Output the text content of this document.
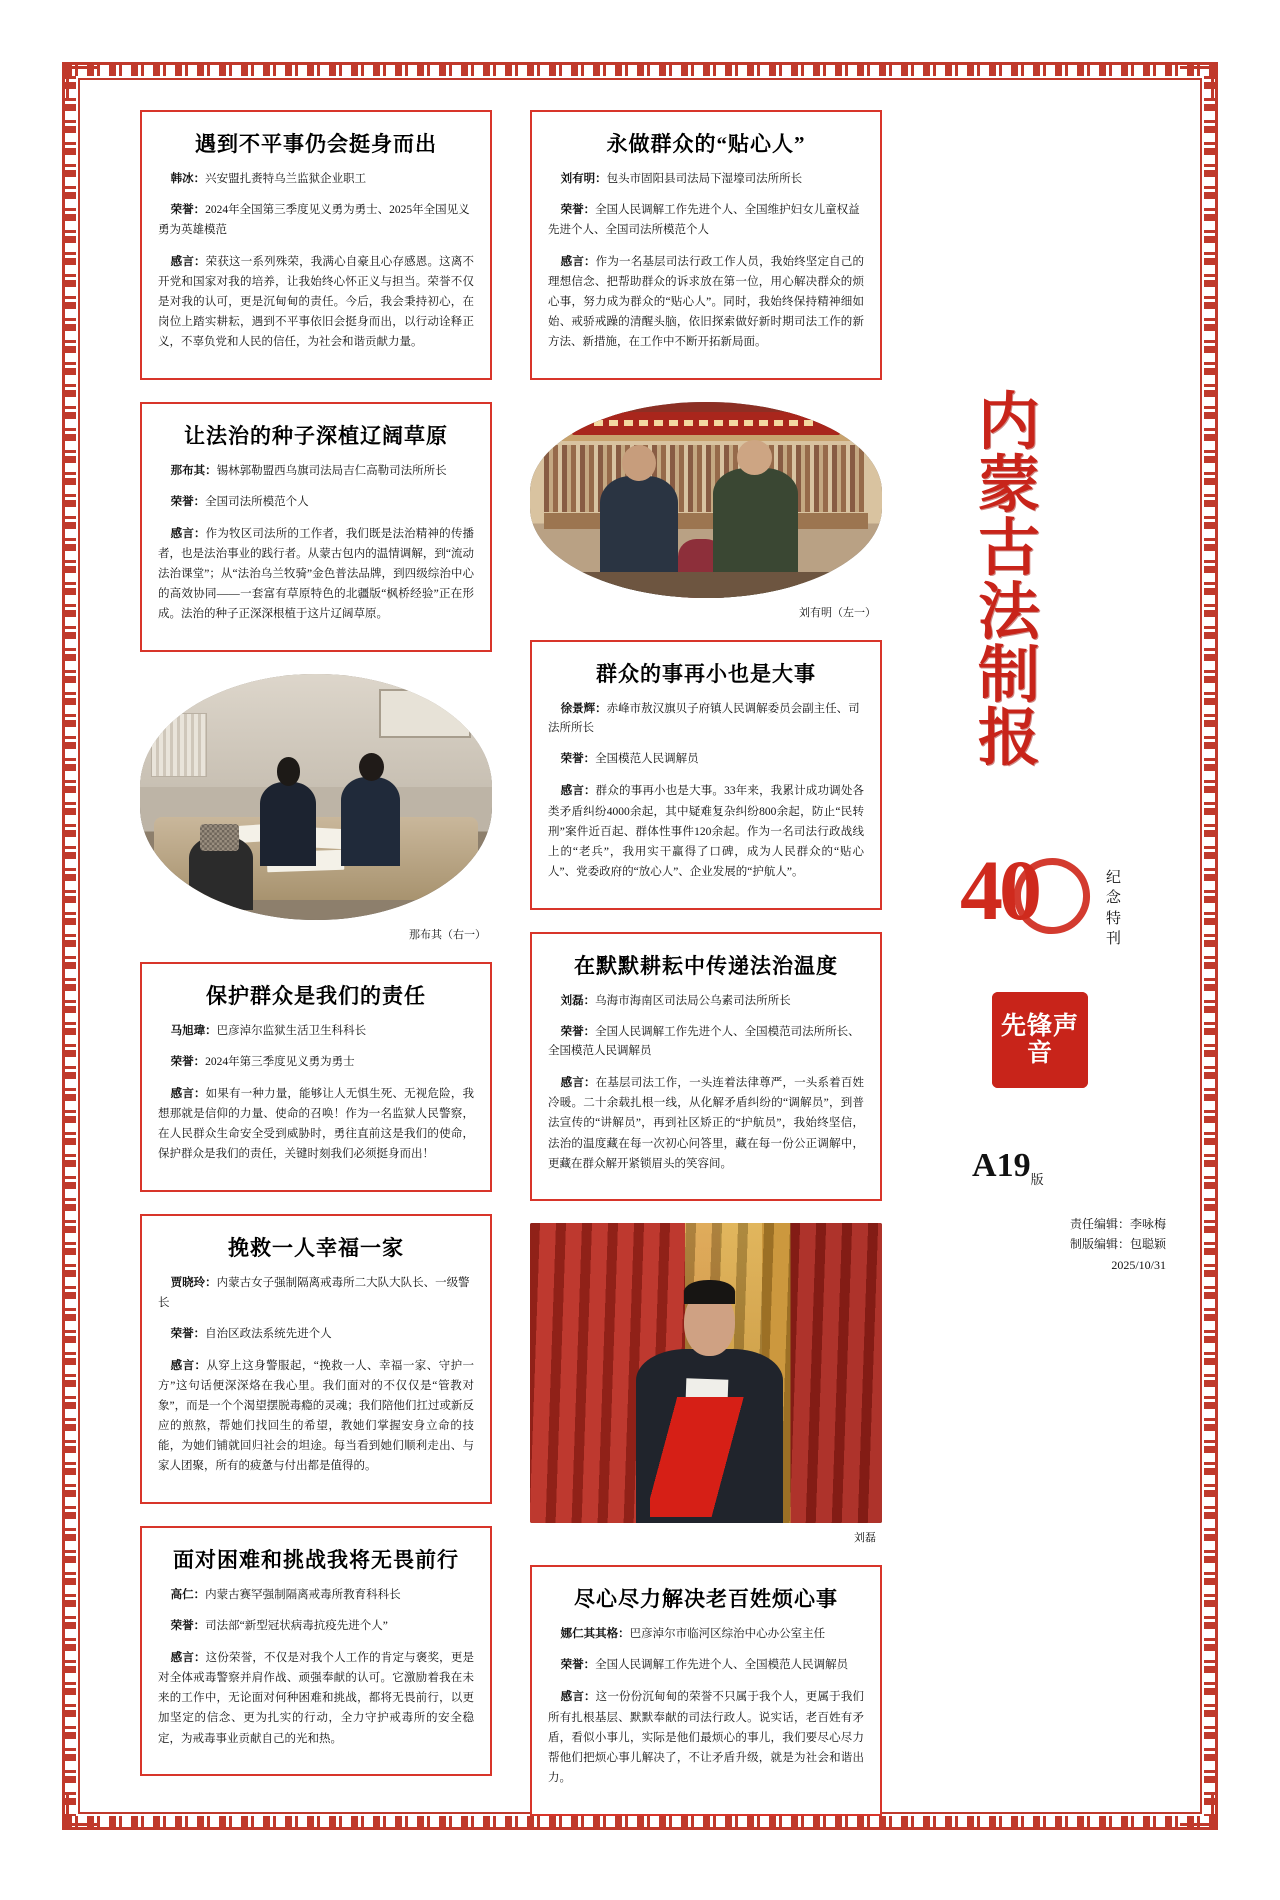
遇到不平事仍会挺身而出

韩冰：兴安盟扎赉特乌兰监狱企业职工

荣誉：2024年全国第三季度见义勇为勇士、2025年全国见义勇为英雄模范

感言：荣获这一系列殊荣，我满心自豪且心存感恩。这离不开党和国家对我的培养，让我始终心怀正义与担当。荣誉不仅是对我的认可，更是沉甸甸的责任。今后，我会秉持初心，在岗位上踏实耕耘，遇到不平事依旧会挺身而出，以行动诠释正义，不辜负党和人民的信任，为社会和谐贡献力量。

让法治的种子深植辽阔草原

那布其：锡林郭勒盟西乌旗司法局吉仁高勒司法所所长

荣誉：全国司法所模范个人

感言：作为牧区司法所的工作者，我们既是法治精神的传播者，也是法治事业的践行者。从蒙古包内的温情调解，到“流动法治课堂”；从“法治乌兰牧骑”金色普法品牌，到四级综治中心的高效协同——一套富有草原特色的北疆版“枫桥经验”正在形成。法治的种子正深深根植于这片辽阔草原。

那布其（右一）
保护群众是我们的责任

马旭瑋：巴彦淖尔监狱生活卫生科科长

荣誉：2024年第三季度见义勇为勇士

感言：如果有一种力量，能够让人无惧生死、无视危险，我想那就是信仰的力量、使命的召唤！作为一名监狱人民警察，在人民群众生命安全受到威胁时，勇往直前这是我们的使命，保护群众是我们的责任，关键时刻我们必须挺身而出！

挽救一人幸福一家

贾晓玲：内蒙古女子强制隔离戒毒所二大队大队长、一级警长

荣誉：自治区政法系统先进个人

感言：从穿上这身警服起，“挽救一人、幸福一家、守护一方”这句话便深深烙在我心里。我们面对的不仅仅是“管教对象”，而是一个个渴望摆脱毒瘾的灵魂；我们陪他们扛过或新反应的煎熬，帮她们找回生的希望，教她们掌握安身立命的技能，为她们铺就回归社会的坦途。每当看到她们顺利走出、与家人团聚，所有的疲惫与付出都是值得的。

面对困难和挑战我将无畏前行

高仁：内蒙古赛罕强制隔离戒毒所教育科科长

荣誉：司法部“新型冠状病毒抗疫先进个人”

感言：这份荣誉，不仅是对我个人工作的肯定与褒奖，更是对全体戒毒警察并肩作战、顽强奉献的认可。它激励着我在未来的工作中，无论面对何种困难和挑战，都将无畏前行，以更加坚定的信念、更为扎实的行动，全力守护戒毒所的安全稳定，为戒毒事业贡献自己的光和热。

永做群众的“贴心人”

刘有明：包头市固阳县司法局下湿壕司法所所长

荣誉：全国人民调解工作先进个人、全国维护妇女儿童权益先进个人、全国司法所模范个人

感言：作为一名基层司法行政工作人员，我始终坚定自己的理想信念、把帮助群众的诉求放在第一位，用心解决群众的烦心事，努力成为群众的“贴心人”。同时，我始终保持精神细如始、戒骄戒躁的清醒头脑，依旧探索做好新时期司法工作的新方法、新措施，在工作中不断开拓新局面。

刘有明（左一）
群众的事再小也是大事

徐景辉：赤峰市敖汉旗贝子府镇人民调解委员会副主任、司法所所长

荣誉：全国模范人民调解员

感言：群众的事再小也是大事。33年来，我累计成功调处各类矛盾纠纷4000余起，其中疑难复杂纠纷800余起，防止“民转刑”案件近百起、群体性事件120余起。作为一名司法行政战线上的“老兵”，我用实干赢得了口碑，成为人民群众的“贴心人”、党委政府的“放心人”、企业发展的“护航人”。

在默默耕耘中传递法治温度

刘磊：乌海市海南区司法局公乌素司法所所长

荣誉：全国人民调解工作先进个人、全国模范司法所所长、全国模范人民调解员

感言：在基层司法工作，一头连着法律尊严，一头系着百姓冷暖。二十余载扎根一线，从化解矛盾纠纷的“调解员”，到普法宣传的“讲解员”，再到社区矫正的“护航员”，我始终坚信，法治的温度藏在每一次初心问答里，藏在每一份公正调解中，更藏在群众解开紧锁眉头的笑容间。

刘磊
尽心尽力解决老百姓烦心事

娜仁其其格：巴彦淖尔市临河区综治中心办公室主任

荣誉：全国人民调解工作先进个人、全国模范人民调解员

感言：这一份份沉甸甸的荣誉不只属于我个人，更属于我们所有扎根基层、默默奉献的司法行政人。说实话，老百姓有矛盾，看似小事儿，实际是他们最烦心的事儿，我们要尽心尽力帮他们把烦心事儿解决了，不让矛盾升级，就是为社会和谐出力。

内
蒙
古
法
制
报
40	纪念特刊
先锋声音
$A19_版$
责任编辑：李咏梅
制版编辑：包聪颖
2025/10/31
